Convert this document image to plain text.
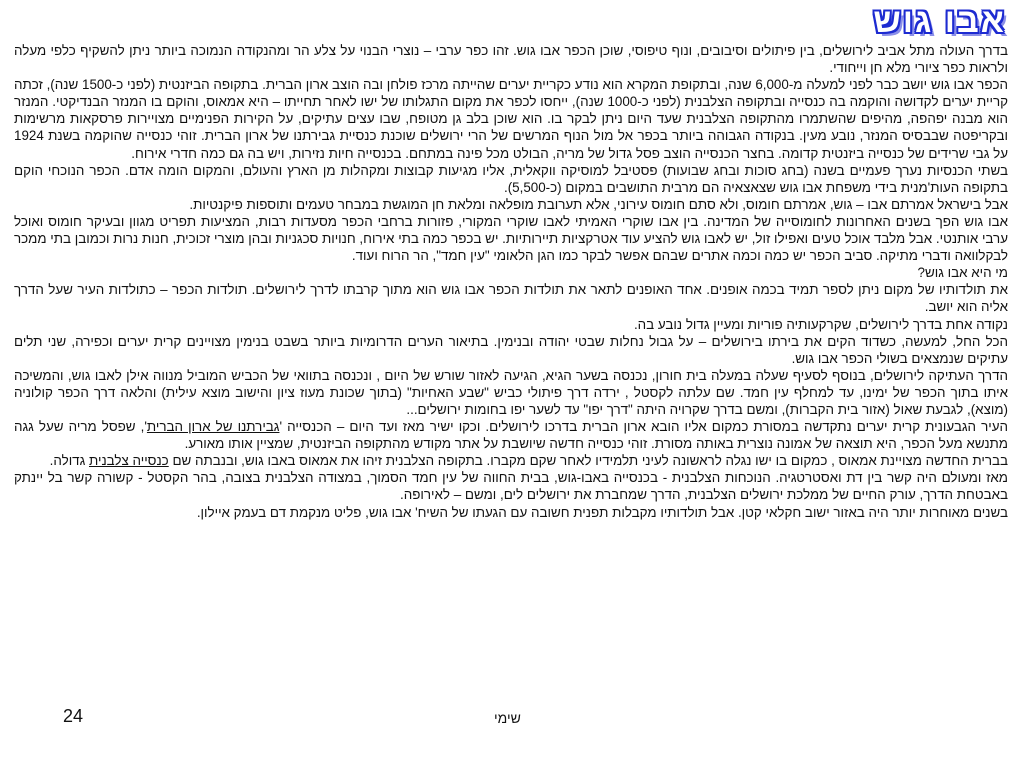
אבו גוש

בדרך העולה מתל אביב לירושלים, בין פיתולים וסיבובים, ונוף טיפוסי, שוכן הכפר אבו גוש. זהו כפר ערבי – נוצרי הבנוי על צלע הר ומהנקודה הנמוכה ביותר ניתן להשקיף כלפי מעלה ולראות כפר ציורי מלא חן וייחודי.

הכפר אבו גוש יושב כבר לפני למעלה מ-6,000 שנה, ובתקופת המקרא הוא נודע כקריית יערים שהייתה מרכז פולחן ובה הוצב ארון הברית. בתקופה הביזנטית (לפני כ-1500 שנה), זכתה קריית יערים לקדושה והוקמה בה כנסייה ובתקופה הצלבנית (לפני כ-1000 שנה), ייחסו לכפר את מקום התגלותו של ישו לאחר תחייתו – היא אמאוס, והוקם בו המנזר הבנדיקטי. המנזר הוא מבנה יפהפה, מהיפים שהשתמרו מהתקופה הצלבנית שעד היום ניתן לבקר בו. הוא שוכן בלב גן מטופח, שבו עצים עתיקים, על הקירות הפנימיים מצויירות פרסקאות מרשימות ובקריפטה שבבסיס המנזר, נובע מעין. בנקודה הגבוהה ביותר בכפר אל מול הנוף המרשים של הרי ירושלים שוכנת כנסיית גבירתנו של ארון הברית. זוהי כנסייה שהוקמה בשנת 1924 על גבי שרידים של כנסייה ביזנטית קדומה. בחצר הכנסייה הוצב פסל גדול של מריה, הבולט מכל פינה במתחם. בכנסייה חיות נזירות, ויש בה גם כמה חדרי אירוח.

בשתי הכנסיות נערך פעמיים בשנה (בחג סוכות ובחג שבועות) פסטיבל למוסיקה ווקאלית, אליו מגיעות קבוצות ומקהלות מן הארץ והעולם, והמקום הומה אדם. הכפר הנוכחי הוקם בתקופה העות'מנית בידי משפחת אבו גוש שצאצאיה הם מרבית התושבים במקום (כ-5,500).

אבל בישראל אמרתם אבו – גוש, אמרתם חומוס, ולא סתם חומוס עירוני, אלא תערובת מופלאה ומלאת חן המוגשת במבחר טעמים ותוספות פיקנטיות.

אבו גוש הפך בשנים האחרונות לחומוסייה של המדינה. בין אבו שוקרי האמיתי לאבו שוקרי המקורי, פזורות ברחבי הכפר מסעדות רבות, המציעות תפריט מגוון ובעיקר חומוס ואוכל ערבי אותנטי. אבל מלבד אוכל טעים ואפילו זול, יש לאבו גוש להציע עוד אטרקציות תיירותיות. יש בכפר כמה בתי אירוח, חנויות סכגניות ובהן מוצרי זכוכית, חנות נרות וכמובן בתי ממכר לבקלוואה ודברי מתיקה. סביב הכפר יש כמה וכמה אתרים שבהם אפשר לבקר כמו הגן הלאומי "עין חמד", הר הרוח ועוד.

מי היא אבו גוש?

את תולדותיו של מקום ניתן לספר תמיד בכמה אופנים. אחד האופנים לתאר את תולדות הכפר אבו גוש הוא מתוך קרבתו לדרך לירושלים. תולדות הכפר – כתולדות העיר שעל הדרך אליה הוא יושב.

נקודה אחת בדרך לירושלים, שקרקעותיה פוריות ומעיין גדול נובע בה.

הכל החל, למעשה, כשדוד הקים את בירתו בירושלים – על גבול נחלות שבטי יהודה ובנימין. בתיאור הערים הדרומיות ביותר בשבט בנימין מצויינים קרית יערים וכפירה, שני תלים עתיקים שנמצאים בשולי הכפר אבו גוש.

הדרך העתיקה לירושלים, בנוסף לסעיף שעלה במעלה בית חורון, נכנסה בשער הגיא, הגיעה לאזור שורש של היום , ונכנסה בתוואי של הכביש המוביל מנווה אילן לאבו גוש, והמשיכה איתו בתוך הכפר של ימינו, עד למחלף עין חמד. שם עלתה לקסטל , ירדה דרך פיתולי כביש "שבע האחיות" (בתוך שכונת מעוז ציון והישוב מוצא עילית) והלאה דרך הכפר קולוניה (מוצא), לגבעת שאול (אזור בית הקברות), ומשם בדרך שקרויה היתה "דרך יפו" עד לשער יפו בחומות ירושלים...

העיר הגבעונית קרית יערים נתקדשה במסורת כמקום אליו הובא ארון הברית בדרכו לירושלים. וכקו ישיר מאז ועד היום – הכנסייה 'גבירתנו של ארון הברית', שפסל מריה שעל גגה מתנשא מעל הכפר, היא תוצאה של אמונה נוצרית באותה מסורת. זוהי כנסייה חדשה שיושבת על אתר מקודש מהתקופה הביזנטית, שמציין אותו מאורע.

בברית החדשה מצויינת אמאוס , כמקום בו ישו נגלה לראשונה לעיני תלמידיו לאחר שקם מקברו. בתקופה הצלבנית זיהו את אמאוס באבו גוש, ובנבתה שם כנסייה צלבנית גדולה.

מאז ומעולם היה קשר בין דת ואסטרטגיה. הנוכחות הצלבנית - בכנסייה באבו-גוש, בבית החווה של עין חמד הסמוך, במצודה הצלבנית בצובה, בהר הקסטל - קשורה קשר בל יינתק באבטחת הדרך, עורק החיים של ממלכת ירושלים הצלבנית, הדרך שמחברת את ירושלים לים, ומשם – לאירופה.

בשנים מאוחרות יותר היה באזור ישוב חקלאי קטן. אבל תולדותיו מקבלות תפנית חשובה עם הגעתו של השיח' אבו גוש, פליט מנקמת דם בעמק איילון.

24	שימי
